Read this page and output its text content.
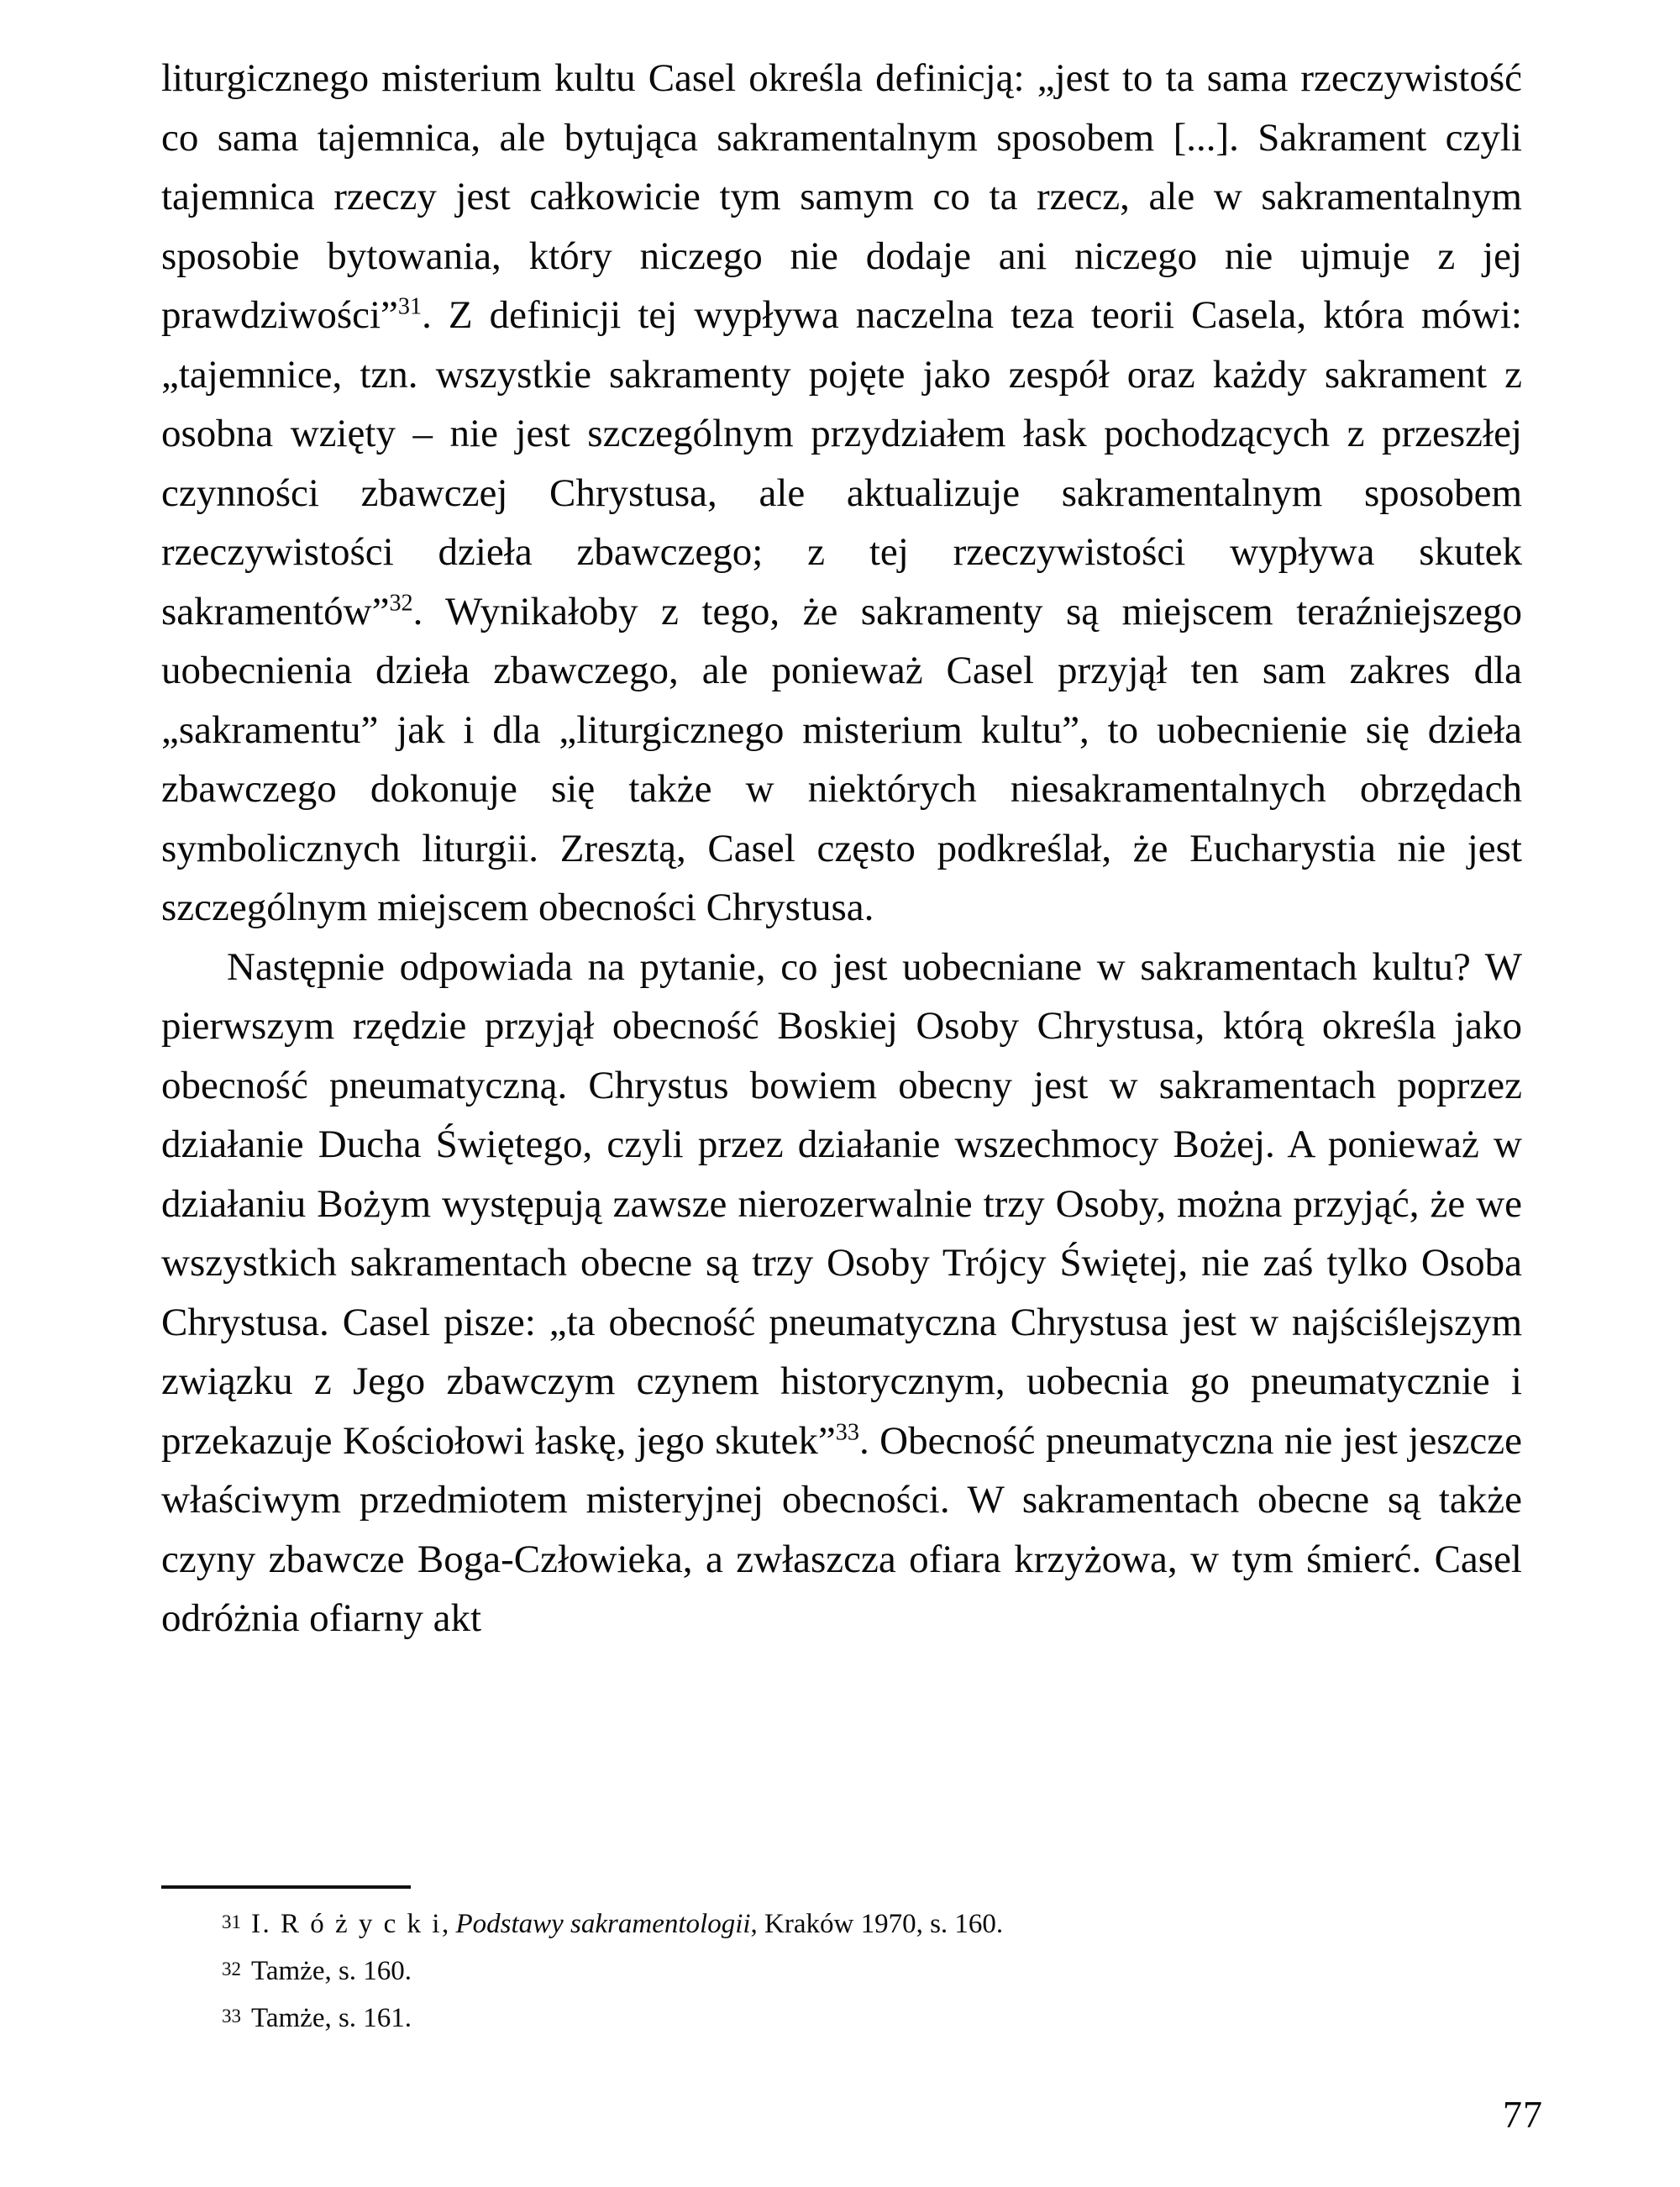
liturgicznego misterium kultu Casel określa definicją: „jest to ta sama rzeczywistość co sama tajemnica, ale bytująca sakramentalnym sposobem [...]. Sakrament czyli tajemnica rzeczy jest całkowicie tym samym co ta rzecz, ale w sakramentalnym sposobie bytowania, który niczego nie dodaje ani niczego nie ujmuje z jej prawdziwości”$^{31}$. Z definicji tej wypływa naczelna teza teorii Casela, która mówi: „tajemnice, tzn. wszystkie sakramenty pojęte jako zespół oraz każdy sakrament z osobna wzięty – nie jest szczególnym przydziałem łask pochodzących z przeszłej czynności zbawczej Chrystusa, ale aktualizuje sakramentalnym sposobem rzeczywistości dzieła zbawczego; z tej rzeczywistości wypływa skutek sakramentów”$^{32}$. Wynikałoby z tego, że sakramenty są miejscem teraźniejszego uobecnienia dzieła zbawczego, ale ponieważ Casel przyjął ten sam zakres dla „sakramentu” jak i dla „liturgicznego misterium kultu”, to uobecnienie się dzieła zbawczego dokonuje się także w niektórych niesakramentalnych obrzędach symbolicznych liturgii. Zresztą, Casel często podkreślał, że Eucharystia nie jest szczególnym miejscem obecności Chrystusa.

Następnie odpowiada na pytanie, co jest uobecniane w sakramentach kultu? W pierwszym rzędzie przyjął obecność Boskiej Osoby Chrystusa, którą określa jako obecność pneumatyczną. Chrystus bowiem obecny jest w sakramentach poprzez działanie Ducha Świętego, czyli przez działanie wszechmocy Bożej. A ponieważ w działaniu Bożym występują zawsze nierozerwalnie trzy Osoby, można przyjąć, że we wszystkich sakramentach obecne są trzy Osoby Trójcy Świętej, nie zaś tylko Osoba Chrystusa. Casel pisze: „ta obecność pneumatyczna Chrystusa jest w najściślejszym związku z Jego zbawczym czynem historycznym, uobecnia go pneumatycznie i przekazuje Kościołowi łaskę, jego skutek”$^{33}$. Obecność pneumatyczna nie jest jeszcze właściwym przedmiotem misteryjnej obecności. W sakramentach obecne są także czyny zbawcze Boga-Człowieka, a zwłaszcza ofiara krzyżowa, w tym śmierć. Casel odróżnia ofiarny akt

31 I. R ó ż y c k i, Podstawy sakramentologii, Kraków 1970, s. 160.
32 Tamże, s. 160.
33 Tamże, s. 161.
77
